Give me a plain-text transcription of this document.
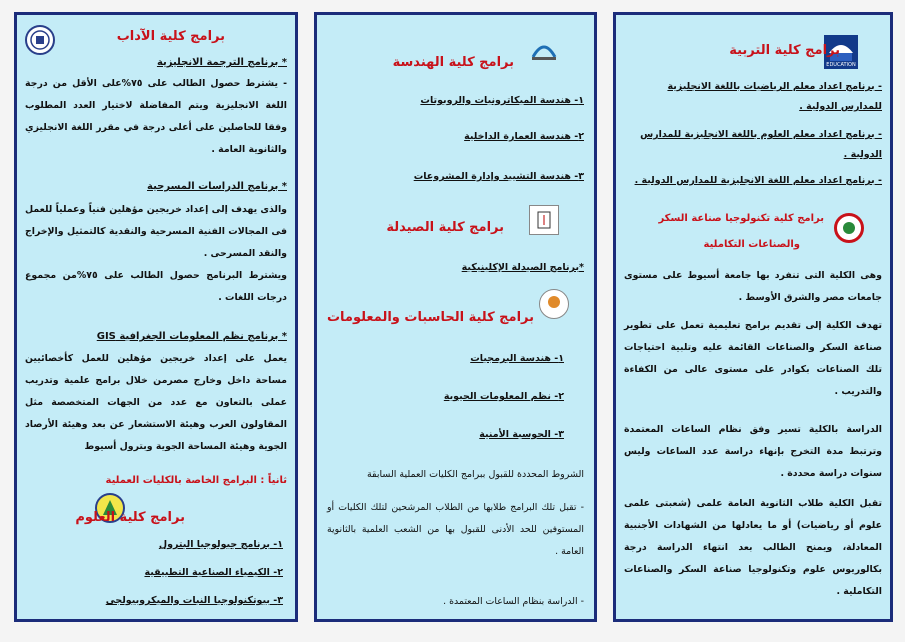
برامج كلية الآداب
* برنامج الترجمة الانجليزية
- يشترط حصول الطالب على ٧٥%على الأقل من درجة اللغة الانجليزية ويتم المفاضلة لاختيار العدد المطلوب وفقا للحاصلين على أعلى درجة في مقرر اللغة الانجليزي والثانوية العامة .
* برنامج الدراسات المسرحية
والذى يهدف إلى إعداد خريجين مؤهلين فنياً وعملياً للعمل فى المجالات الفنية المسرحية والنقدية كالتمثيل والإخراج والنقد المسرحى .
ويشترط البرنامج حصول الطالب على ٧٥%من مجموع درجات اللغات .
* برنامج نظم المعلومات الجغرافية GIS
يعمل على إعداد خريجين مؤهلين للعمل كأخصائيين مساحة داخل وخارج مصرمن خلال برامج علمية وتدريب عملى بالتعاون مع عدد من الجهات المتخصصة مثل المقاولون العرب وهيئة الاستشعار عن بعد وهيئة الأرصاد الجوية وهيئة المساحة الجوية وبترول أسيوط
ثانياً : البرامج الخاصة بالكليات العملية
برامج كلية العلوم
١- برنامج جيولوجيا البترول
٢- الكيمياء الصناعية التطبيقية
٣- بيوتكنولوجيا النبات والميكروبيولجى
برامج كلية الهندسة
١- هندسة الميكاترونيات والروبوتات
٢- هندسة العمارة الداخلية
٣- هندسة التشييد وإدارة المشروعات
برامج كلية الصيدلة
*برنامج الصيدلة الإكلينيكية
برامج كلية الحاسبات والمعلومات
١- هندسة البرمجيات
٢- نظم المعلومات الحيوية
٣- الحوسبة الأمنية
الشروط المحددة للقبول ببرامج الكليات العملية السابقة
- تقبل تلك البرامج طلابها من الطلاب المرشحين لتلك الكليات أو المستوفين للحد الأدنى للقبول بها من الشعب العلمية بالثانوية العامة .
- الدراسة بنظام الساعات المعتمدة .
EDUCATION
برامج كلية التربية
- برنامج اعداد معلم الرياضيات باللغة الانجليزية للمدارس الدولية .
- برنامج اعداد معلم العلوم باللغة الانجليزية للمدارس الدولية .
- برنامج اعداد معلم اللغة الانجليزية للمدارس الدولية .
برامج كلية تكنولوجيا صناعة السكر
والصناعات التكاملية
وهى الكلية التى تنفرد بها جامعة أسيوط على مستوى جامعات مصر والشرق الأوسط .
تهدف الكلية إلى تقديم برامج تعليمية تعمل على تطوير صناعة السكر والصناعات القائمة عليه وتلبية احتياجات تلك الصناعات بكوادر على مستوى عالى من الكفاءة والتدريب .
الدراسة بالكلية تسير وفق نظام الساعات المعتمدة وترتبط مدة التخرج بإنهاء دراسة عدد الساعات وليس سنوات دراسة محددة .
تقبل الكلية طلاب الثانوية العامة علمى (شعبتى علمى علوم أو رياضيات) أو ما يعادلها من الشهادات الأجنبية المعادلة، ويمنح الطالب بعد انتهاء الدراسة درجة بكالوريوس علوم وتكنولوجيا صناعة السكر والصناعات التكاملية .
